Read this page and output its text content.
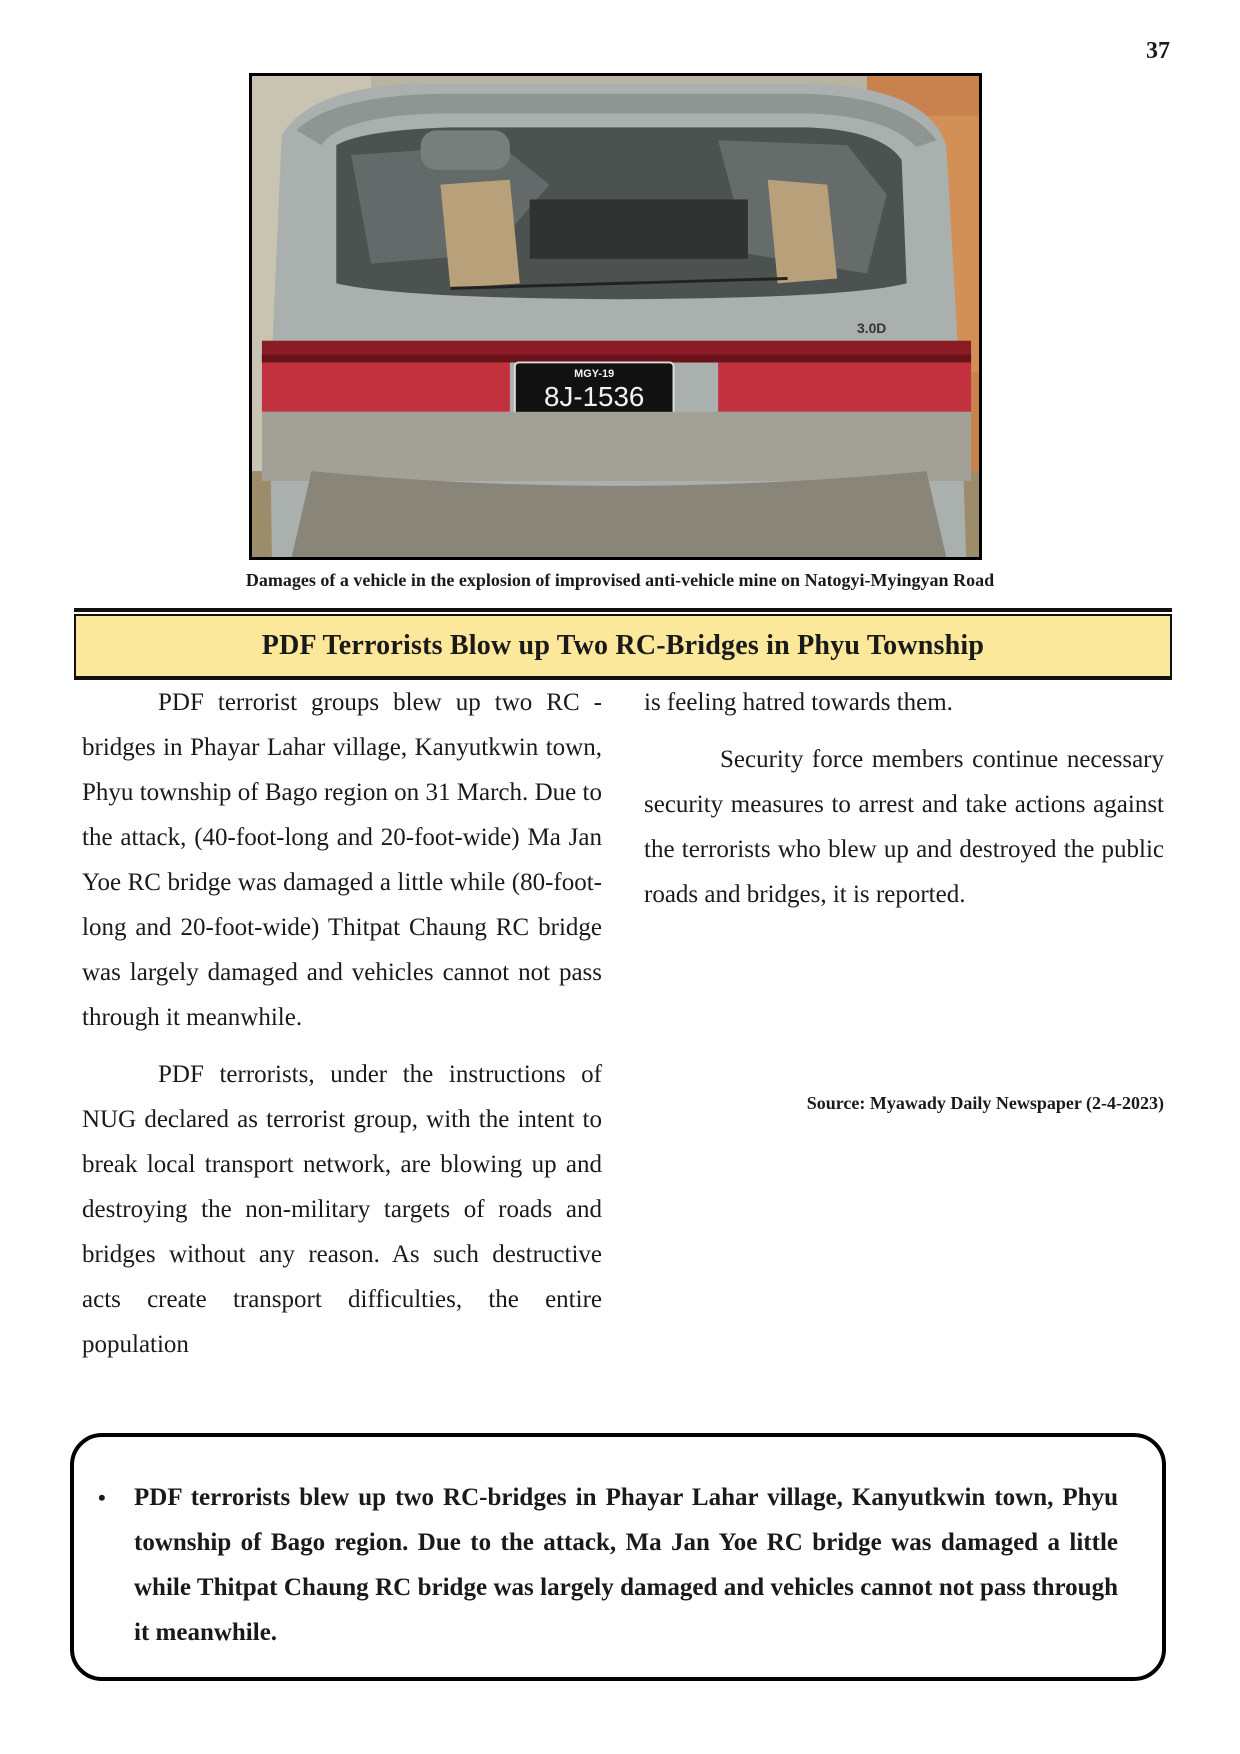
37
MGY-19
8J-1536
3.0D
Damages of a vehicle in the explosion of improvised anti-vehicle mine on Natogyi-Myingyan Road
PDF Terrorists Blow up Two RC-Bridges in Phyu Township

PDF terrorist groups blew up two RC -bridges in Phayar Lahar village, Kanyutkwin town, Phyu township of Bago region on 31 March. Due to the attack, (40-foot-long and 20-foot-wide) Ma Jan Yoe RC bridge was damaged a little while (80-foot-long and 20-foot-wide) Thitpat Chaung RC bridge was largely damaged and vehicles cannot not pass through it meanwhile.

PDF terrorists, under the instructions of NUG declared as terrorist group, with the intent to break local transport network, are blowing up and destroying the non-military targets of roads and bridges without any reason. As such destructive acts create transport difficulties, the entire population

is feeling hatred towards them.

Security force members continue necessary security measures to arrest and take actions against the terrorists who blew up and destroyed the public roads and bridges, it is reported.

Source: Myawady Daily Newspaper (2-4-2023)
• PDF terrorists blew up two RC-bridges in Phayar Lahar village, Kanyutkwin town, Phyu township of Bago region. Due to the attack, Ma Jan Yoe RC bridge was damaged a little while Thitpat Chaung RC bridge was largely damaged and vehicles cannot not pass through it meanwhile.
